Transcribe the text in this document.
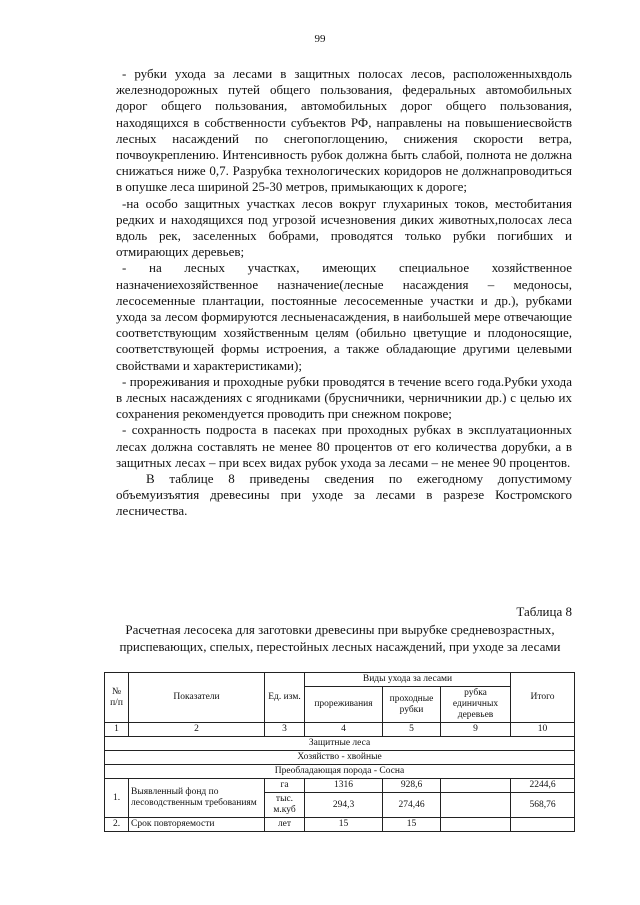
99

- рубки ухода за лесами в защитных полосах лесов, расположенныхвдоль железнодорожных путей общего пользования, федеральных автомобильных дорог общего пользования, автомобильных дорог общего пользования, находящихся в собственности субъектов РФ, направлены на повышениесвойств лесных насаждений по снегопоглощению, снижения скорости ветра, почвоукреплению. Интенсивность рубок должна быть слабой, полнота не должна снижаться ниже 0,7. Разрубка технологических коридоров не должнапроводиться в опушке леса шириной 25-30 метров, примыкающих к дороге;

-на особо защитных участках лесов вокруг глухариных токов, местобитания редких и находящихся под угрозой исчезновения диких животных,полосах леса вдоль рек, заселенных бобрами, проводятся только рубки погибших и отмирающих деревьев;

- на лесных участках, имеющих специальное хозяйственное назначениехозяйственное назначение(лесные насаждения – медоносы, лесосеменные плантации, постоянные лесосеменные участки и др.), рубками ухода за лесом формируются лесныенасаждения, в наибольшей мере отвечающие соответствующим хозяйственным целям (обильно цветущие и плодоносящие, соответствующей формы истроения, а также обладающие другими целевыми свойствами и характеристиками);

- прореживания и проходные рубки проводятся в течение всего года.Рубки ухода в лесных насаждениях с ягодниками (брусничники, черничникии др.) с целью их сохранения рекомендуется проводить при снежном покрове;

- сохранность подроста в пасеках при проходных рубках в эксплуатационных лесах должна составлять не менее 80 процентов от его количества дорубки, а в защитных лесах – при всех видах рубок ухода за лесами – не менее 90 процентов.

В таблице 8 приведены сведения по ежегодному допустимому объемуизъятия древесины при уходе за лесами в разрезе Костромского лесничества.

Таблица 8
Расчетная лесосека для заготовки древесины при вырубке средневозрастных, приспевающих, спелых, перестойных лесных насаждений, при уходе за лесами
№ п/п	Показатели	Ед. изм.	Виды ухода за лесами			Итого
			прореживания	проходные рубки	рубка единичных деревьев	
1	2	3	4	5	9	10
Защитные леса						
Хозяйство - хвойные						
Преобладающая порода - Сосна						
1.	Выявленный фонд по лесоводственным требованиям	га	1316	928,6		2244,6
		тыс. м.куб	294,3	274,46		568,76
2.	Срок повторяемости	лет	15	15		
